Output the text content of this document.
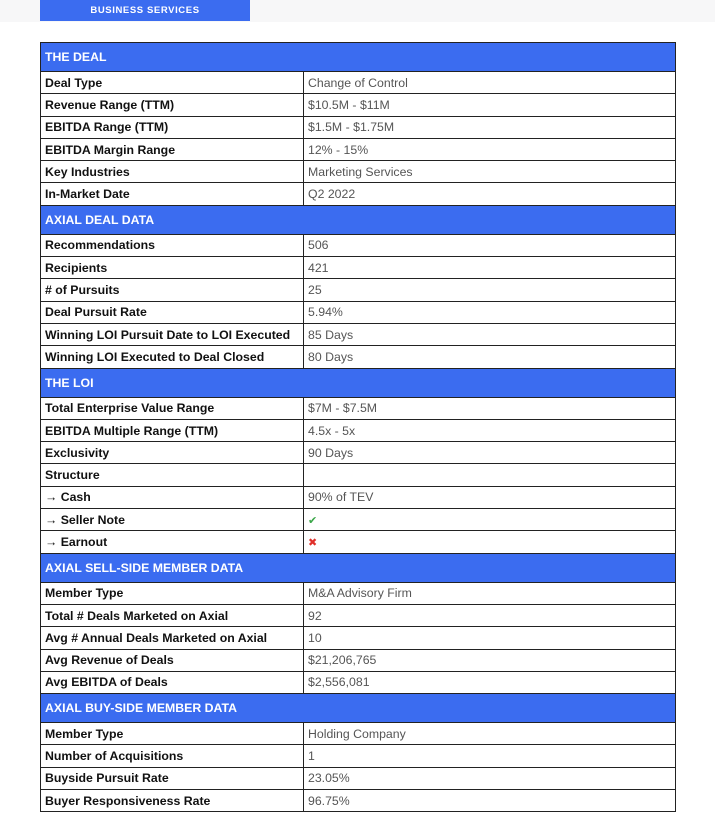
BUSINESS SERVICES
THE DEAL	
Deal Type	Change of Control
Revenue Range (TTM)	$10.5M - $11M
EBITDA Range (TTM)	$1.5M - $1.75M
EBITDA Margin Range	12% - 15%
Key Industries	Marketing Services
In-Market Date	Q2 2022
AXIAL DEAL DATA	
Recommendations	506
Recipients	421
# of Pursuits	25
Deal Pursuit Rate	5.94%
Winning LOI Pursuit Date to LOI Executed	85 Days
Winning LOI Executed to Deal Closed	80 Days
THE LOI	
Total Enterprise Value Range	$7M - $7.5M
EBITDA Multiple Range (TTM)	4.5x - 5x
Exclusivity	90 Days
Structure	
→ Cash	90% of TEV
→ Seller Note	✔
→ Earnout	✖
AXIAL SELL-SIDE MEMBER DATA	
Member Type	M&A Advisory Firm
Total # Deals Marketed on Axial	92
Avg # Annual Deals Marketed on Axial	10
Avg Revenue of Deals	$21,206,765
Avg EBITDA of Deals	$2,556,081
AXIAL BUY-SIDE MEMBER DATA	
Member Type	Holding Company
Number of Acquisitions	1
Buyside Pursuit Rate	23.05%
Buyer Responsiveness Rate	96.75%
